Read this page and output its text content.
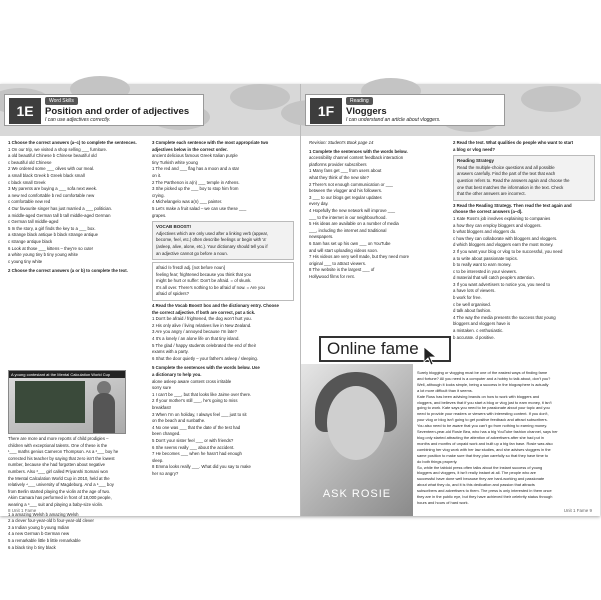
1E
Word Skills
Position and order of adjectives
I can use adjectives correctly.
1 Choose the correct answers (a–c) to complete the sentences.
1 On our trip, we visited a shop selling ___ furniture.
a old beautiful Chinese b Chinese beautiful old
c beautiful old Chinese
2 We ordered some ___ olives with our meal.
a small black Greek b Greek black small
c black small Greek
3 My parents are buying a ___ sofa next week.
a new red comfortable b red comfortable new
c comfortable new red
4 Our favourite singer has just married a ___ politician.
a middle-aged German tall b tall middle-aged German
c German tall middle-aged
5 In the story, a girl finds the key to a ___ box.
a strange black antique b black strange antique
c strange antique black
6 Look at those ___ kittens – they're so cute!
a white young tiny b tiny young white
c young tiny white
2 Choose the correct answers (a or b) to complete the text.
A young contestant at the Mental Calculation World Cup
There are more and more reports of child prodigies –
children with exceptional talents. One of these is the
¹___ maths genius Cameron Thompson. As a ²___ boy he
corrected his teacher by saying that zero isn't the lowest
number, because she had forgotten about negative
numbers. Also ³___ girl called Priyanshi Somani won
the Mental Calculation World Cup in 2010, held at the
relatively ⁴___ university of Magdeburg. And a ⁵___ boy
from Berlin started playing the violin at the age of two.
Akim Camara has performed in front of 18,000 people,
wearing a ⁶___ suit and playing a baby-size violin.
1 a amazing Welsh b amazing Welsh
2 a clever four-year-old b four-year-old clever
3 a Indian young b young Indian
4 a new German b German new
5 a remarkable little b little remarkable
6 a black tiny b tiny black
3 Complete each sentence with the most appropriate two
adjectives below in the correct order.
ancient delicious famous Greek Italian purple
tiny Turkish white young
1 The red and ___ flag has a moon and a star
on it.
2 The Parthenon is a(n) ___ temple in Athens.
3 She picked up the ___ boy to stop him from
crying.
4 Michelangelo was a(n) ___ painter.
5 Let's make a fruit salad – we can use these ___
grapes.
VOCAB BOOST!
Adjectives which are only used after a linking verb (appear,
become, feel, etc.) often describe feelings or begin with 'a'
(asleep, alive, alone, etc.). Your dictionary should tell you if
an adjective cannot go before a noun.
afraid /əˈfreɪd/ adj. [not before noun]
feeling fear; frightened because you think that you
might be hurt or suffer: Don't be afraid. = of skunk.
It's all over. There's nothing to be afraid of now. = Are you
afraid of spiders?
4 Read the Vocab Boost! box and the dictionary entry. Choose
the correct adjective. If both are correct, put a tick.
1 Don't be afraid / frightened, the dog won't hurt you.
2 His only alive / living relatives live in New Zealand.
3 Are you angry / annoyed because I'm late?
4 It's a lonely / an alone life on that tiny island.
5 The glad / happy students celebrated the end of their
exams with a party.
6 Shut the door quietly – your father's asleep / sleeping.
5 Complete the sentences with the words below. Use
a dictionary to help you.
alone asleep aware content cross irritable
sorry sure
1 I can't be ___, but that looks like Jaime over there.
2 If your mother's still ___, he's going to miss
breakfast!
3 When I'm on holiday, I always feel ___ just to sit
on the beach and sunbathe.
4 No one was ___ that the date of the test had
been changed.
5 Don't your sister feel ___ or with friends?
6 She seems really ___ about the accident.
7 He becomes ___ when he hasn't had enough
sleep.
8 Emma looks really ___. What did you say to make
her so angry?
8 Unit 1 Fame
1F
Reading
Vloggers
I can understand an article about vloggers.
Revision: Student's Book page 14
1 Complete the sentences with the words below.
accessibility channel content feedback interaction
platforms provider subscribers
1 Many fans get ___ from users about
what they think of the new site?
2 There's not enough communication or ___
between the vlogger and his followers.
3 ___ to our blogs get regular updates
every day.
4 Hopefully the new network will improve ___
___ to the internet in our neighbourhood.
5 His ideas are available on a number of media
___, including the internet and traditional
newspapers.
6 Sam has set up his own ___ on YouTube
and will start uploading videos soon.
7 His videos are very well made, but they need more
original ___ to attract viewers.
8 The website is the largest ___ of
Hollywood films for rent.
Online fame
2 Read the text. What qualities do people who want to start
a blog or vlog need?
Reading Strategy
Read the multiple-choice questions and all possible
answers carefully. Find the part of the text that each
question refers to. Read the answers again and choose the
one that best matches the information in the text. Check
that the other answers are incorrect.
3 Read the Reading Strategy. Then read the text again and
choose the correct answers (a–d).
1 Kate Ross's job involves explaining to companies
a how they can employ bloggers and vloggers.
b what bloggers and vloggers do.
c how they can collaborate with bloggers and vloggers.
d which bloggers and vloggers earn the most money.
2 If you want your blog or vlog to be successful, you need
a to write about passionate topics.
b to really want to earn money.
c to be interested in your viewers.
d material that will catch people's attention.
3 If you want advertisers to notice you, you need to
a have lots of viewers.
b work for free.
c be well organised.
d talk about fashion.
4 The way the media presents the success that young
bloggers and vloggers have is
a mistaken. c enthusiastic.
b accurate. d positive.
ASK ROSIE
Surely blogging or vlogging must be one of the easiest ways of finding fame
and fortune? All you need is a computer and a hobby to talk about, don't you?
Well, although it looks simple, being a success in the blogosphere is actually
a lot more difficult than it seems.
Kate Ross has been advising brands on how to work with bloggers and
vloggers, and believes that if you start a blog or vlog just to earn money, it isn't
going to work. Kate says you need to be passionate about your topic and you
need to provide your readers or viewers with interesting content. If you don't,
your vlog or blog isn't going to get positive feedback and attract subscribers.
You also need to be aware that you can't go from nothing to earning money.
Seventeen-year-old Rosie Bea, who has a big YouTube fashion channel, says her
blog only started attracting the attention of advertisers after she had put in
months and months of unpaid work and built up a big fan base. Rosie was also
combining her vlog work with her law studies, and she advises vloggers in the
same position to make sure that they plan carefully so that they have time to
do both things properly.
So, while the tabloid press often talks about the instant success of young
bloggers and vloggers, it isn't really instant at all. The people who are
successful have done well because they are hard-working and passionate
about what they do, and it is this dedication and passion that attracts
subscribers and advertisers to them. The press is only interested in them once
they are in the public eye, but they have achieved their celebrity status through
hours and hours of hard work.
Unit 1 Fame 9
